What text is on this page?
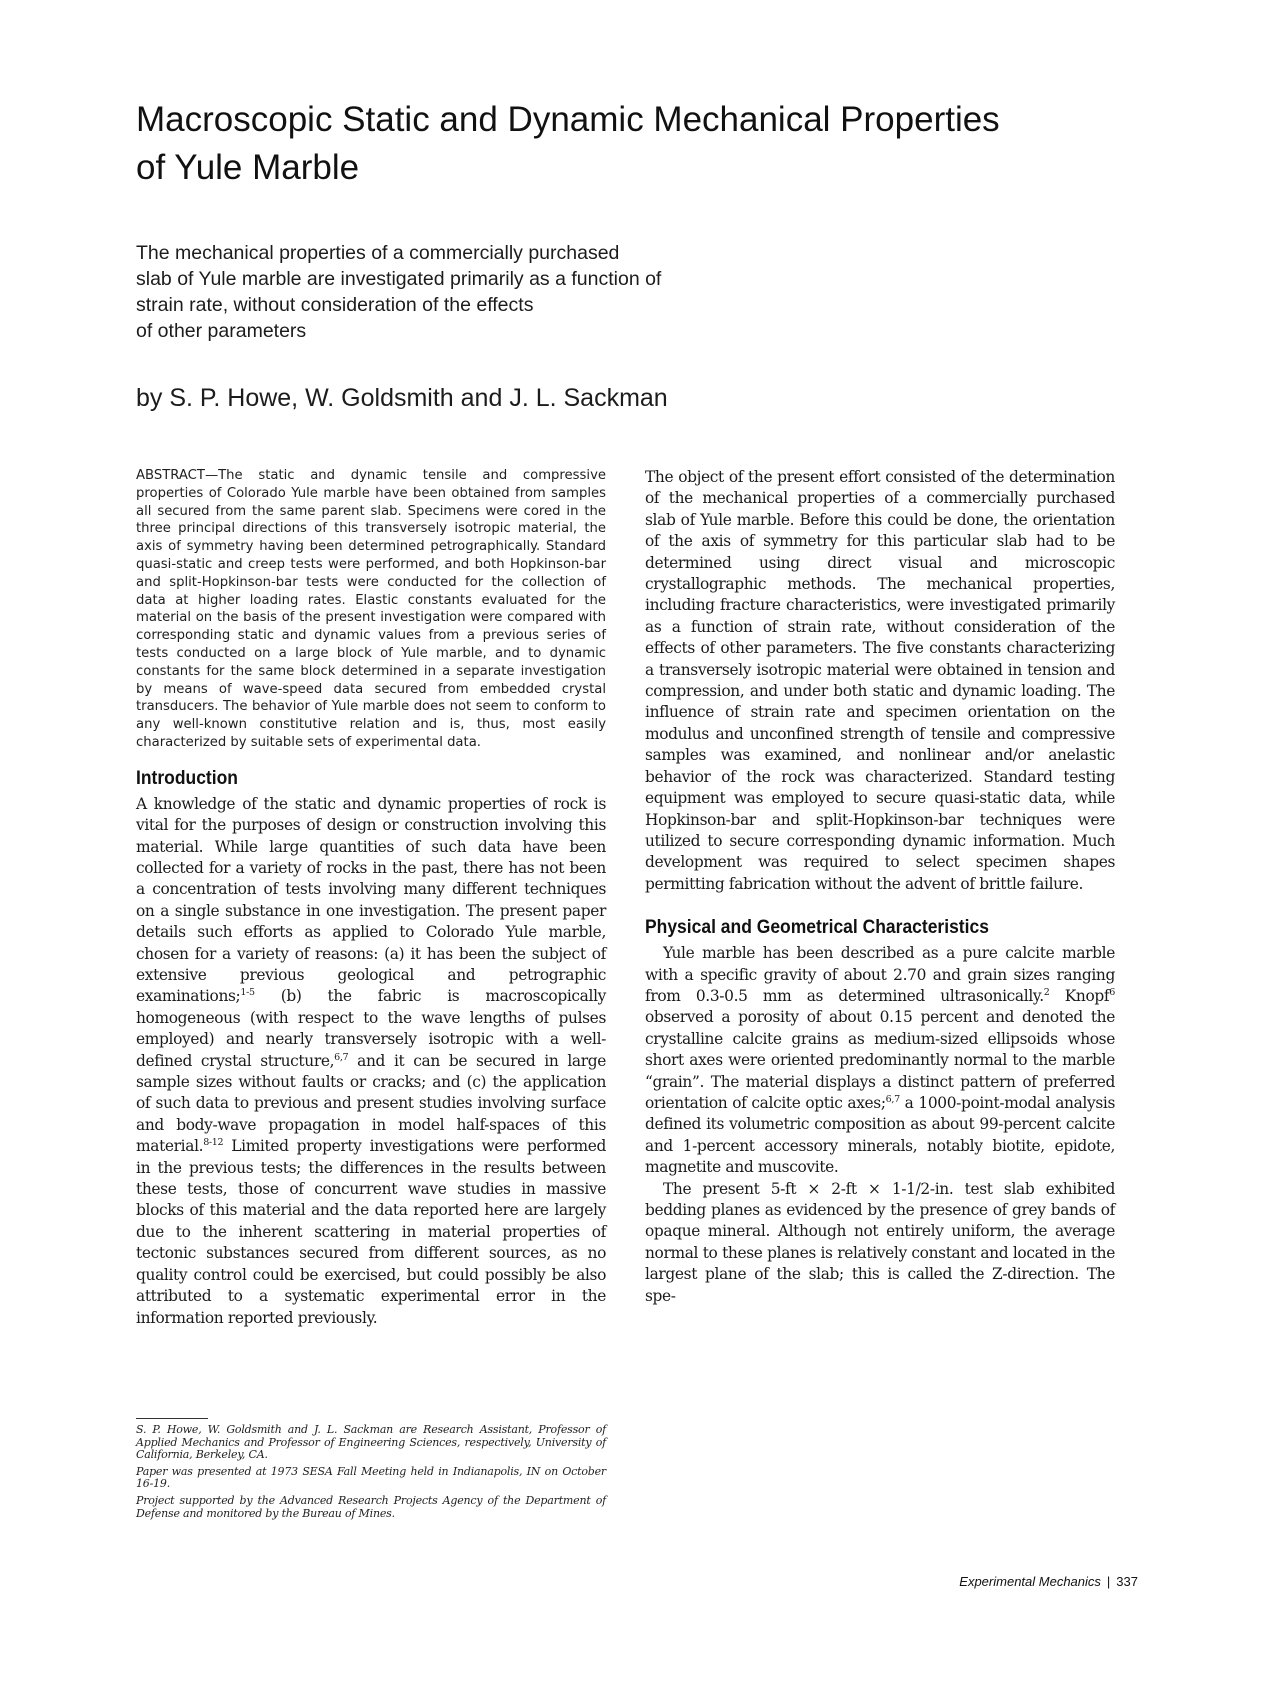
Macroscopic Static and Dynamic Mechanical Properties
of Yule Marble

The mechanical properties of a commercially purchased
slab of Yule marble are investigated primarily as a function of
strain rate, without consideration of the effects
of other parameters

by S. P. Howe, W. Goldsmith and J. L. Sackman

ABSTRACT—The static and dynamic tensile and compressive properties of Colorado Yule marble have been obtained from samples all secured from the same parent slab. Specimens were cored in the three principal directions of this transversely isotropic material, the axis of symmetry having been determined petrographically. Standard quasi-static and creep tests were performed, and both Hopkinson-bar and split-Hopkinson-bar tests were conducted for the collection of data at higher loading rates. Elastic constants evaluated for the material on the basis of the present investigation were compared with corresponding static and dynamic values from a previous series of tests conducted on a large block of Yule marble, and to dynamic constants for the same block determined in a separate investigation by means of wave-speed data secured from embedded crystal transducers. The behavior of Yule marble does not seem to conform to any well-known constitutive relation and is, thus, most easily characterized by suitable sets of experimental data.

Introduction

A knowledge of the static and dynamic properties of rock is vital for the purposes of design or construction involving this material. While large quantities of such data have been collected for a variety of rocks in the past, there has not been a concentration of tests involving many different techniques on a single substance in one investigation. The present paper details such efforts as applied to Colorado Yule marble, chosen for a variety of reasons: (a) it has been the subject of extensive previous geological and petrographic examinations;$^{1-5}$ (b) the fabric is macroscopically homogeneous (with respect to the wave lengths of pulses employed) and nearly transversely isotropic with a well-defined crystal structure,$^{6,7}$ and it can be secured in large sample sizes without faults or cracks; and (c) the application of such data to previous and present studies involving surface and body-wave propagation in model half-spaces of this material.$^{8-12}$ Limited property investigations were performed in the previous tests; the differences in the results between these tests, those of concurrent wave studies in massive blocks of this material and the data reported here are largely due to the inherent scattering in material properties of tectonic substances secured from different sources, as no quality control could be exercised, but could possibly be also attributed to a systematic experimental error in the information reported previously.

The object of the present effort consisted of the determination of the mechanical properties of a commercially purchased slab of Yule marble. Before this could be done, the orientation of the axis of symmetry for this particular slab had to be determined using direct visual and microscopic crystallographic methods. The mechanical properties, including fracture characteristics, were investigated primarily as a function of strain rate, without consideration of the effects of other parameters. The five constants characterizing a transversely isotropic material were obtained in tension and compression, and under both static and dynamic loading. The influence of strain rate and specimen orientation on the modulus and unconfined strength of tensile and compressive samples was examined, and nonlinear and/or anelastic behavior of the rock was characterized. Standard testing equipment was employed to secure quasi-static data, while Hopkinson-bar and split-Hopkinson-bar techniques were utilized to secure corresponding dynamic information. Much development was required to select specimen shapes permitting fabrication without the advent of brittle failure.

Physical and Geometrical Characteristics

Yule marble has been described as a pure calcite marble with a specific gravity of about 2.70 and grain sizes ranging from 0.3-0.5 mm as determined ultrasonically.$^2$ Knopf$^6$ observed a porosity of about 0.15 percent and denoted the crystalline calcite grains as medium-sized ellipsoids whose short axes were oriented predominantly normal to the marble “grain”. The material displays a distinct pattern of preferred orientation of calcite optic axes;$^{6,7}$ a 1000-point-modal analysis defined its volumetric composition as about 99-percent calcite and 1-percent accessory minerals, notably biotite, epidote, magnetite and muscovite.

The present 5-ft × 2-ft × 1-1/2-in. test slab exhibited bedding planes as evidenced by the presence of grey bands of opaque mineral. Although not entirely uniform, the average normal to these planes is relatively constant and located in the largest plane of the slab; this is called the Z-direction. The spe-

S. P. Howe, W. Goldsmith and J. L. Sackman are Research Assistant, Professor of Applied Mechanics and Professor of Engineering Sciences, respectively, University of California, Berkeley, CA.

Paper was presented at 1973 SESA Fall Meeting held in Indianapolis, IN on October 16-19.

Project supported by the Advanced Research Projects Agency of the Department of Defense and monitored by the Bureau of Mines.

Experimental Mechanics | 337
